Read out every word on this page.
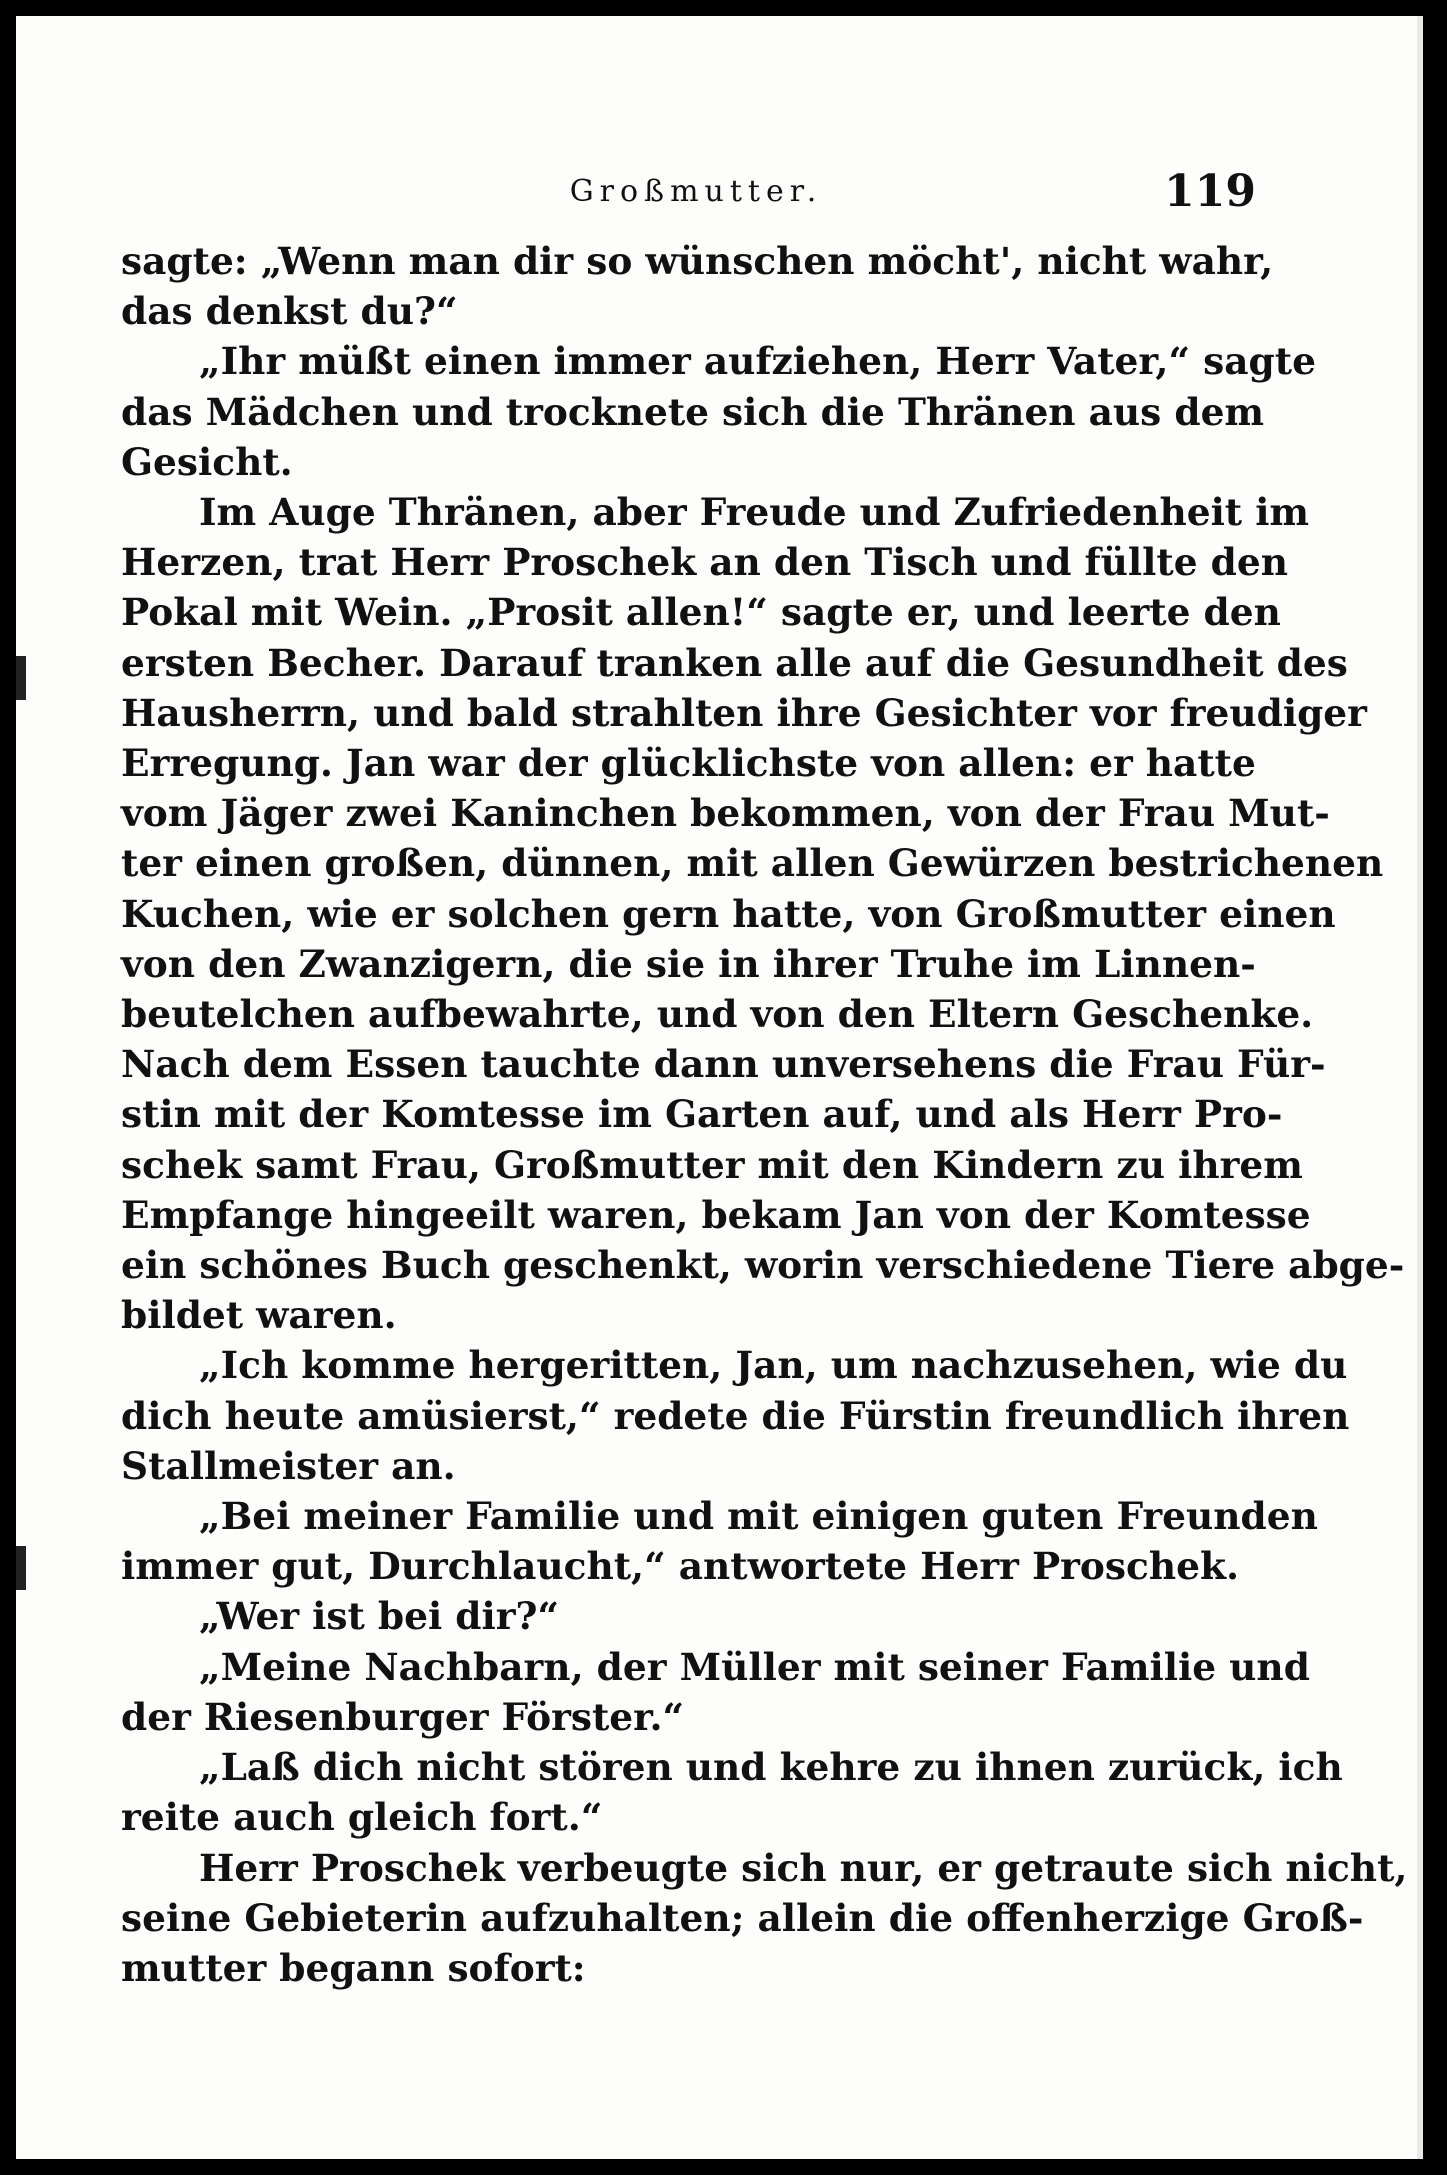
Großmutter.	119
sagte: „Wenn man dir so wünschen möcht', nicht wahr,
das denkst du?“
„Ihr müßt einen immer aufziehen, Herr Vater,“ sagte
das Mädchen und trocknete sich die Thränen aus dem
Gesicht.
Im Auge Thränen, aber Freude und Zufriedenheit im
Herzen, trat Herr Proschek an den Tisch und füllte den
Pokal mit Wein. „Prosit allen!“ sagte er, und leerte den
ersten Becher. Darauf tranken alle auf die Gesundheit des
Hausherrn, und bald strahlten ihre Gesichter vor freudiger
Erregung. Jan war der glücklichste von allen: er hatte
vom Jäger zwei Kaninchen bekommen, von der Frau Mut-
ter einen großen, dünnen, mit allen Gewürzen bestrichenen
Kuchen, wie er solchen gern hatte, von Großmutter einen
von den Zwanzigern, die sie in ihrer Truhe im Linnen-
beutelchen aufbewahrte, und von den Eltern Geschenke.
Nach dem Essen tauchte dann unversehens die Frau Für-
stin mit der Komtesse im Garten auf, und als Herr Pro-
schek samt Frau, Großmutter mit den Kindern zu ihrem
Empfange hingeeilt waren, bekam Jan von der Komtesse
ein schönes Buch geschenkt, worin verschiedene Tiere abge-
bildet waren.
„Ich komme hergeritten, Jan, um nachzusehen, wie du
dich heute amüsierst,“ redete die Fürstin freundlich ihren
Stallmeister an.
„Bei meiner Familie und mit einigen guten Freunden
immer gut, Durchlaucht,“ antwortete Herr Proschek.
„Wer ist bei dir?“
„Meine Nachbarn, der Müller mit seiner Familie und
der Riesenburger Förster.“
„Laß dich nicht stören und kehre zu ihnen zurück, ich
reite auch gleich fort.“
Herr Proschek verbeugte sich nur, er getraute sich nicht,
seine Gebieterin aufzuhalten; allein die offenherzige Groß-
mutter begann sofort:
